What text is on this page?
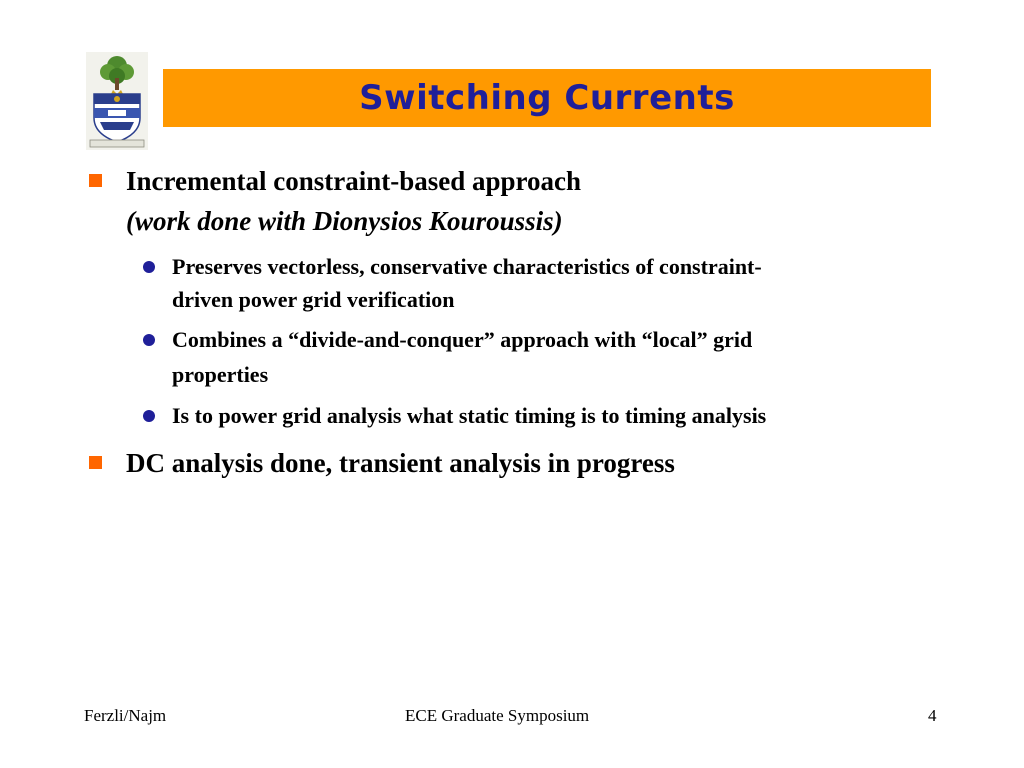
Switching Currents
Incremental constraint-based approach
(work done with Dionysios Kouroussis)
Preserves vectorless, conservative characteristics of constraint-
driven power grid verification
Combines a “divide-and-conquer” approach with “local” grid
properties
Is to power grid analysis what static timing is to timing analysis
DC analysis done, transient analysis in progress
Ferzli/Najm	ECE Graduate Symposium	4
